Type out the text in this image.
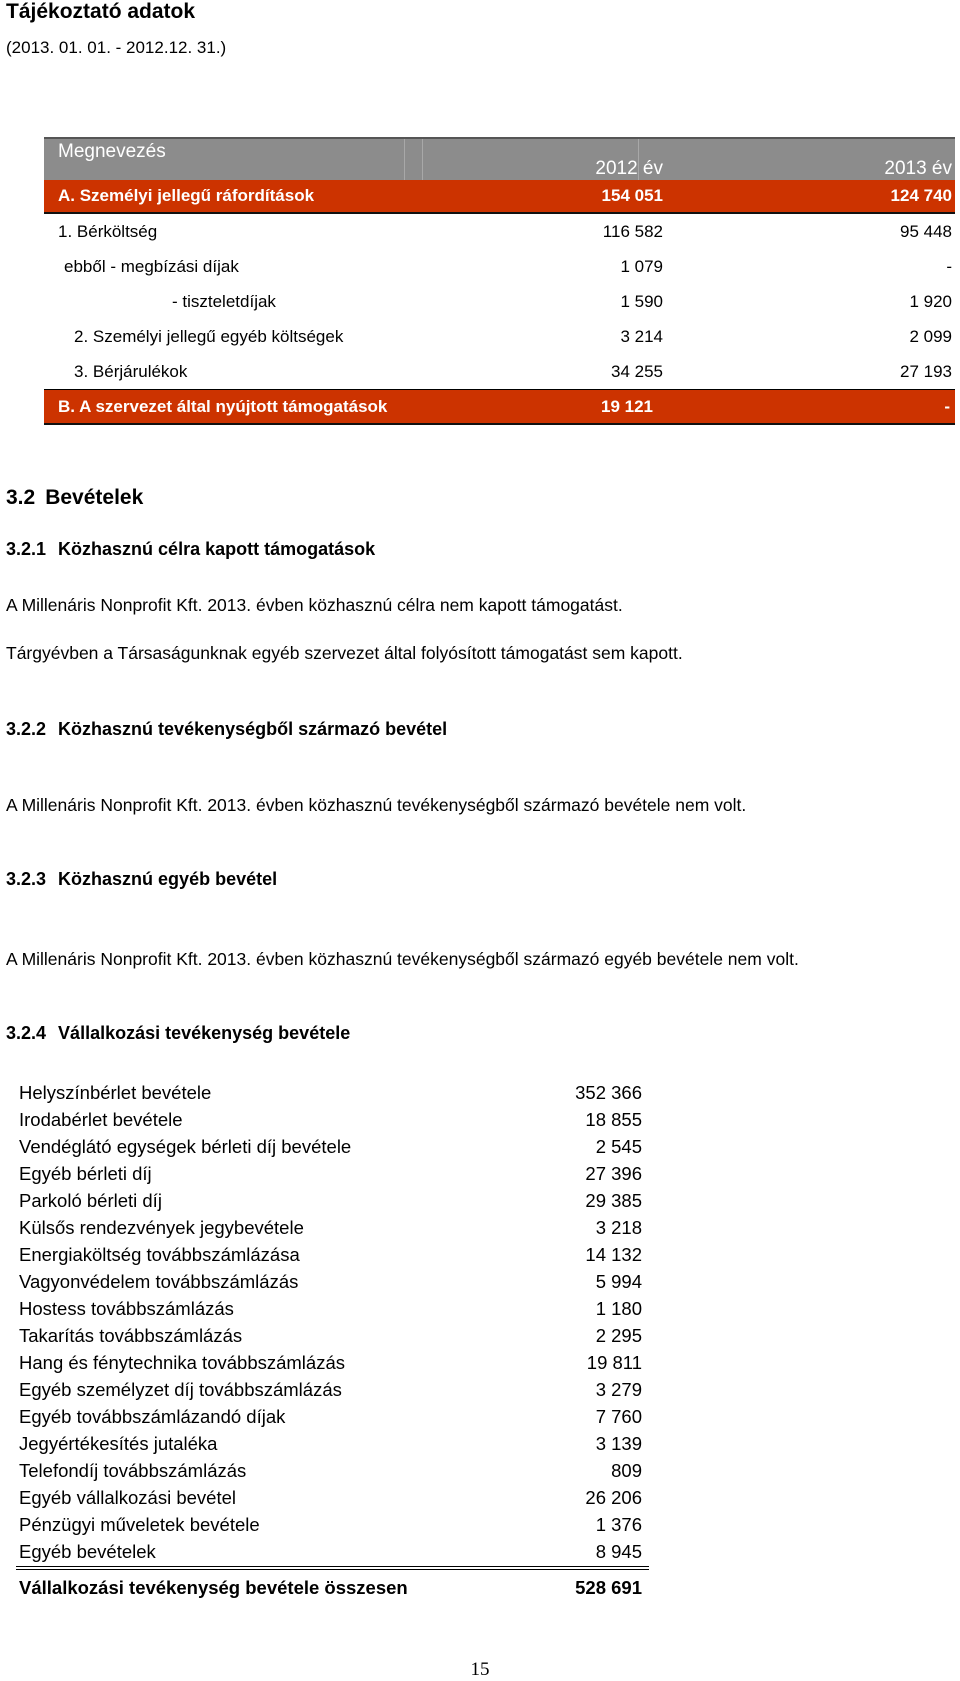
Tájékoztató adatok
(2013. 01. 01. - 2012.12. 31.)
Megnevezés
2012 év	2013 év
A. Személyi jellegű ráfordítások	154 051	124 740
1. Bérköltség	116 582	95 448
ebből - megbízási díjak	1 079	-
- tiszteletdíjak	1 590	1 920
2. Személyi jellegű egyéb költségek	3 214	2 099
3. Bérjárulékok	34 255	27 193
B. A szervezet által nyújtott támogatások	19 121	-
3.2 Bevételek
3.2.1 Közhasznú célra kapott támogatások
A Millenáris Nonprofit Kft. 2013. évben közhasznú célra nem kapott támogatást.
Tárgyévben a Társaságunknak egyéb szervezet által folyósított támogatást sem kapott.
3.2.2 Közhasznú tevékenységből származó bevétel
A Millenáris Nonprofit Kft. 2013. évben közhasznú tevékenységből származó bevétele nem volt.
3.2.3 Közhasznú egyéb bevétel
A Millenáris Nonprofit Kft. 2013. évben közhasznú tevékenységből származó egyéb bevétele nem volt.
3.2.4 Vállalkozási tevékenység bevétele
Helyszínbérlet bevétele	352 366
Irodabérlet bevétele	18 855
Vendéglátó egységek bérleti díj bevétele	2 545
Egyéb bérleti díj	27 396
Parkoló bérleti díj	29 385
Külsős rendezvények jegybevétele	3 218
Energiaköltség továbbszámlázása	14 132
Vagyonvédelem továbbszámlázás	5 994
Hostess továbbszámlázás	1 180
Takarítás továbbszámlázás	2 295
Hang és fénytechnika továbbszámlázás	19 811
Egyéb személyzet díj továbbszámlázás	3 279
Egyéb továbbszámlázandó díjak	7 760
Jegyértékesítés jutaléka	3 139
Telefondíj továbbszámlázás	809
Egyéb vállalkozási bevétel	26 206
Pénzügyi műveletek bevétele	1 376
Egyéb bevételek	8 945
Vállalkozási tevékenység bevétele összesen	528 691
15
